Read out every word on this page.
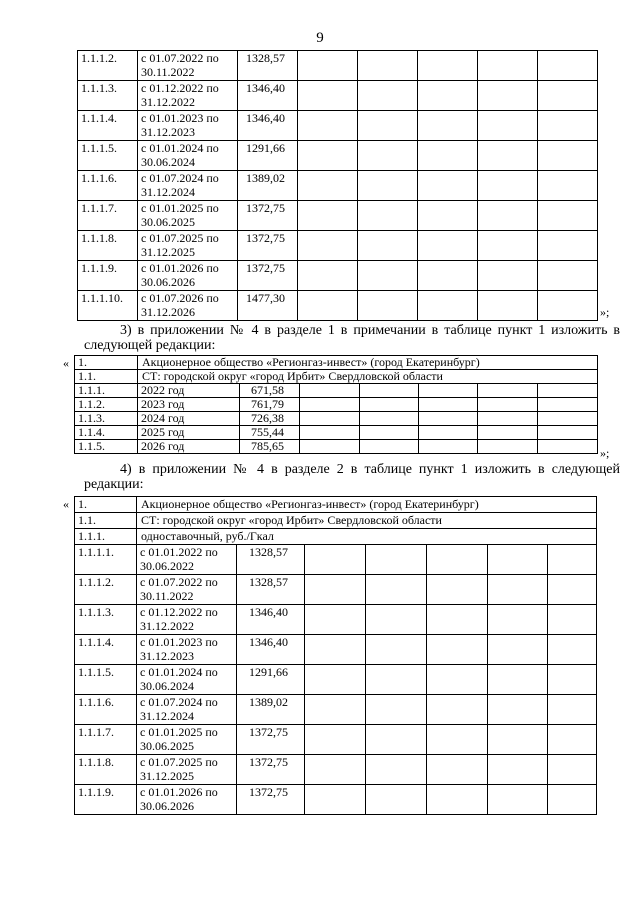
9
1.1.1.2.	с 01.07.2022 по 30.11.2022	1328,57					
1.1.1.3.	с 01.12.2022 по 31.12.2022	1346,40					
1.1.1.4.	с 01.01.2023 по 31.12.2023	1346,40					
1.1.1.5.	с 01.01.2024 по 30.06.2024	1291,66					
1.1.1.6.	с 01.07.2024 по 31.12.2024	1389,02					
1.1.1.7.	с 01.01.2025 по 30.06.2025	1372,75					
1.1.1.8.	с 01.07.2025 по 31.12.2025	1372,75					
1.1.1.9.	с 01.01.2026 по 30.06.2026	1372,75					
1.1.1.10.	с 01.07.2026 по 31.12.2026	1477,30					
»;
3) в приложении № 4 в разделе 1 в примечании в таблице пункт 1 изложить в следующей редакции:
« 1.	Акционерное общество «Регионгаз-инвест» (город Екатеринбург)						
1.1.	СТ: городской округ «город Ирбит» Свердловской области						
1.1.1.	2022 год	671,58					
1.1.2.	2023 год	761,79					
1.1.3.	2024 год	726,38					
1.1.4.	2025 год	755,44					
1.1.5.	2026 год	785,65						»;
4) в приложении № 4 в разделе 2 в таблице пункт 1 изложить в следующей редакции:
« 1.	Акционерное общество «Регионгаз-инвест» (город Екатеринбург)						
1.1.	СТ: городской округ «город Ирбит» Свердловской области						
1.1.1.	одноставочный, руб./Гкал						
1.1.1.1.	с 01.01.2022 по 30.06.2022	1328,57					
1.1.1.2.	с 01.07.2022 по 30.11.2022	1328,57					
1.1.1.3.	с 01.12.2022 по 31.12.2022	1346,40					
1.1.1.4.	с 01.01.2023 по 31.12.2023	1346,40					
1.1.1.5.	с 01.01.2024 по 30.06.2024	1291,66					
1.1.1.6.	с 01.07.2024 по 31.12.2024	1389,02					
1.1.1.7.	с 01.01.2025 по 30.06.2025	1372,75					
1.1.1.8.	с 01.07.2025 по 31.12.2025	1372,75					
1.1.1.9.	с 01.01.2026 по 30.06.2026	1372,75					
